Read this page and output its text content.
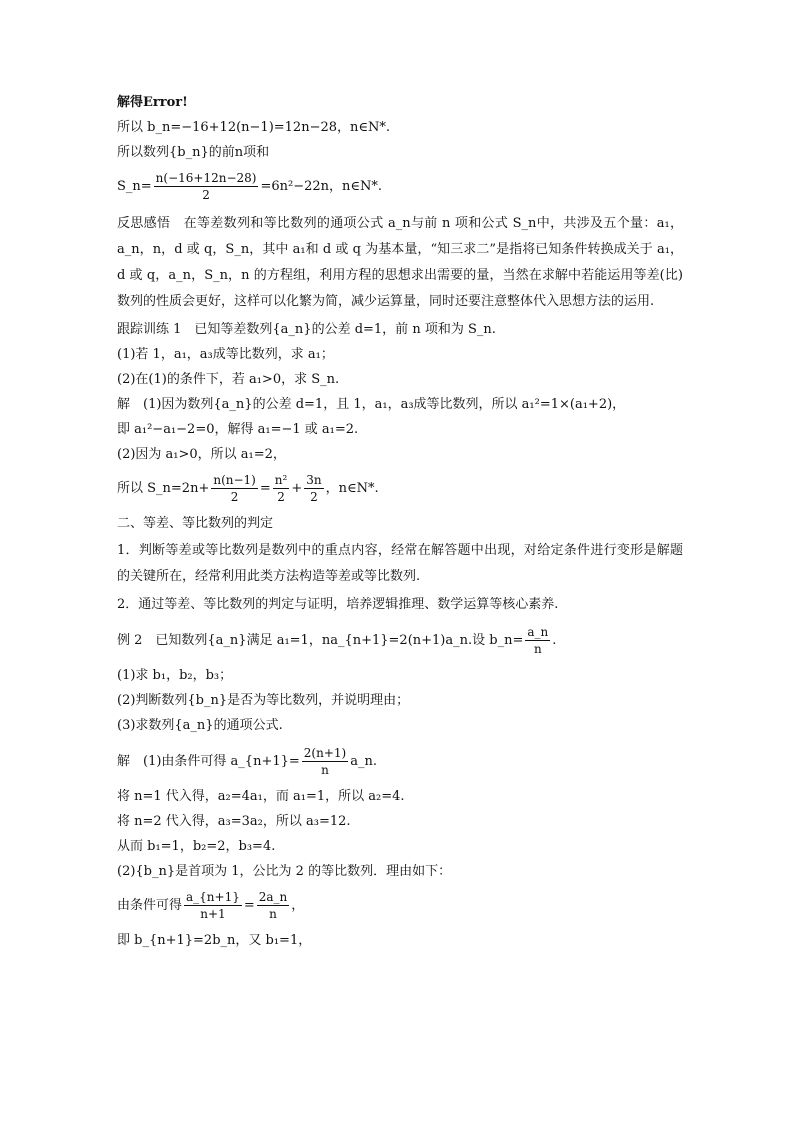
解得Error!
所以 b_n=−16+12(n−1)=12n−28，n∈N*.
所以数列{b_n}的前n项和
S_n= $\frac{n(-16+12n-28)}{2} =6n^2-22n$，n∈N*.
反思感悟　在等差数列和等比数列的通项公式 a_n与前 n 项和公式 S_n中，共涉及五个量：a₁，a_n，n，d 或 q，S_n，其中 a₁和 d 或 q 为基本量，“知三求二”是指将已知条件转换成关于 a₁，d 或 q，a_n，S_n，n 的方程组，利用方程的思想求出需要的量，当然在求解中若能运用等差(比)数列的性质会更好，这样可以化繁为简，减少运算量，同时还要注意整体代入思想方法的运用.
跟踪训练 1　已知等差数列{a_n}的公差 d=1，前 n 项和为 S_n.
(1)若 1，a₁，a₃成等比数列，求 a₁；
(2)在(1)的条件下，若 a₁>0，求 S_n.
解　(1)因为数列{a_n}的公差 d=1，且 1，a₁，a₃成等比数列，所以 a₁²=1×(a₁+2)，
即 a₁²−a₁−2=0，解得 a₁=−1 或 a₁=2.
(2)因为 a₁>0，所以 a₁=2，
所以 S_n=2n+ $\frac{n(n-1)}{2} = \frac{\text{n²}}{2} + \frac{3n}{2}$ ，n∈N*.
二、等差、等比数列的判定
1．判断等差或等比数列是数列中的重点内容，经常在解答题中出现，对给定条件进行变形是解题的关键所在，经常利用此类方法构造等差或等比数列.
2．通过等差、等比数列的判定与证明，培养逻辑推理、数学运算等核心素养.
例 2　已知数列{a_n}满足 a₁=1，na_{n+1}=2(n+1)a_n.设 b_n= $\frac{a\_n}{n}$ .
(1)求 b₁，b₂，b₃；
(2)判断数列{b_n}是否为等比数列，并说明理由；
(3)求数列{a_n}的通项公式.
解　(1)由条件可得 a_{n+1}= $\frac{2(n+1)}{n}$ a_n.
将 n=1 代入得，a₂=4a₁，而 a₁=1，所以 a₂=4.
将 n=2 代入得，a₃=3a₂，所以 a₃=12.
从而 b₁=1，b₂=2，b₃=4.
(2){b_n}是首项为 1，公比为 2 的等比数列．理由如下：
由条件可得 $\frac{a\_\{n+1\}}{n+1} = \frac{2a\_n}{n}$ ，
即 b_{n+1}=2b_n，又 b₁=1，
